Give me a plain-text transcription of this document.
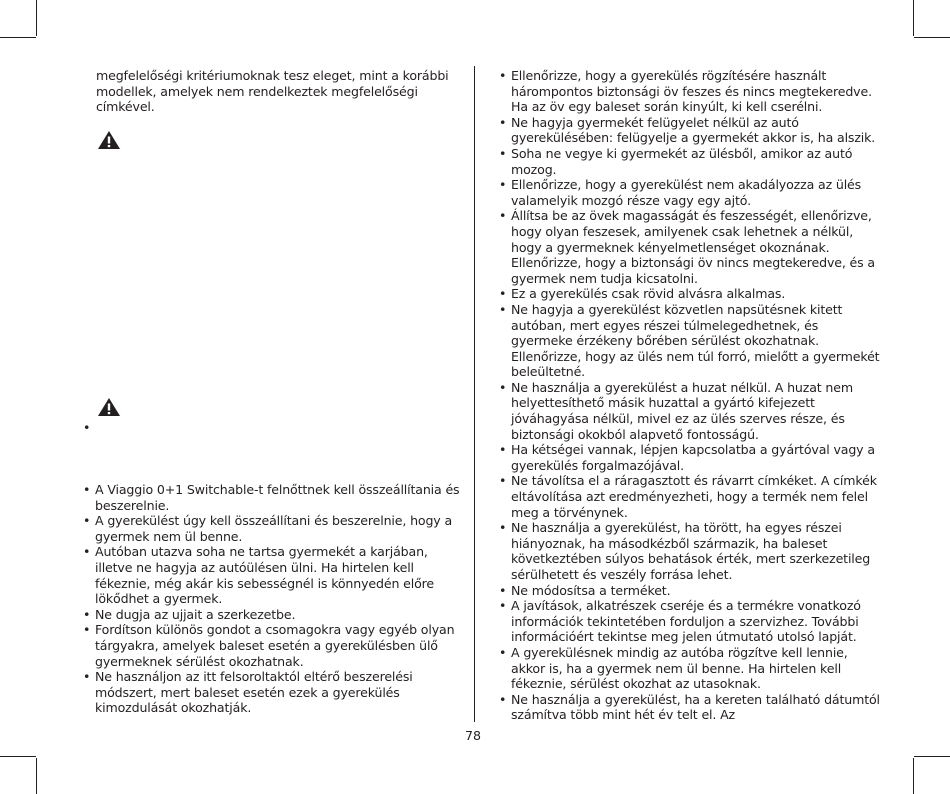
megfelelőségi kritériumoknak tesz eleget, mint a korábbi modellek, amelyek nem rendelkeztek megfelelőségi címkével.

•
• A Viaggio 0+1 Switchable-t felnőttnek kell összeállítania és beszerelnie.
• A gyerekülést úgy kell összeállítani és beszerelnie, hogy a gyermek nem ül benne.
• Autóban utazva soha ne tartsa gyermekét a karjában, illetve ne hagyja az autóülésen ülni. Ha hirtelen kell fékeznie, még akár kis sebességnél is könnyedén előre lökődhet a gyermek.
• Ne dugja az ujjait a szerkezetbe.
• Fordítson különös gondot a csomagokra vagy egyéb olyan tárgyakra, amelyek baleset esetén a gyerekülésben ülő gyermeknek sérülést okozhatnak.
• Ne használjon az itt felsoroltaktól eltérő beszerelési módszert, mert baleset esetén ezek a gyerekülés kimozdulását okozhatják.
• Ellenőrizze, hogy a gyerekülés rögzítésére használt hárompontos biztonsági öv feszes és nincs megtekeredve. Ha az öv egy baleset során kinyúlt, ki kell cserélni.
• Ne hagyja gyermekét felügyelet nélkül az autó gyerekülésében: felügyelje a gyermekét akkor is, ha alszik.
• Soha ne vegye ki gyermekét az ülésből, amikor az autó mozog.
• Ellenőrizze, hogy a gyerekülést nem akadályozza az ülés valamelyik mozgó része vagy egy ajtó.
• Állítsa be az övek magasságát és feszességét, ellenőrizve, hogy olyan feszesek, amilyenek csak lehetnek a nélkül, hogy a gyermeknek kényelmetlenséget okoznának. Ellenőrizze, hogy a biztonsági öv nincs megtekeredve, és a gyermek nem tudja kicsatolni.
• Ez a gyerekülés csak rövid alvásra alkalmas.
• Ne hagyja a gyerekülést közvetlen napsütésnek kitett autóban, mert egyes részei túlmelegedhetnek, és gyermeke érzékeny bőrében sérülést okozhatnak. Ellenőrizze, hogy az ülés nem túl forró, mielőtt a gyermekét beleültetné.
• Ne használja a gyerekülést a huzat nélkül. A huzat nem helyettesíthető másik huzattal a gyártó kifejezett jóváhagyása nélkül, mivel ez az ülés szerves része, és biztonsági okokból alapvető fontosságú.
• Ha kétségei vannak, lépjen kapcsolatba a gyártóval vagy a gyerekülés forgalmazójával.
• Ne távolítsa el a ráragasztott és rávarrt címkéket. A címkék eltávolítása azt eredményezheti, hogy a termék nem felel meg a törvénynek.
• Ne használja a gyerekülést, ha törött, ha egyes részei hiányoznak, ha másodkézből származik, ha baleset következtében súlyos behatások érték, mert szerkezetileg sérülhetett és veszély forrása lehet.
• Ne módosítsa a terméket.
• A javítások, alkatrészek cseréje és a termékre vonatkozó információk tekintetében forduljon a szervizhez. További információért tekintse meg jelen útmutató utolsó lapját.
• A gyerekülésnek mindig az autóba rögzítve kell lennie, akkor is, ha a gyermek nem ül benne. Ha hirtelen kell fékeznie, sérülést okozhat az utasoknak.
• Ne használja a gyerekülést, ha a kereten található dátumtól számítva több mint hét év telt el. Az
78
